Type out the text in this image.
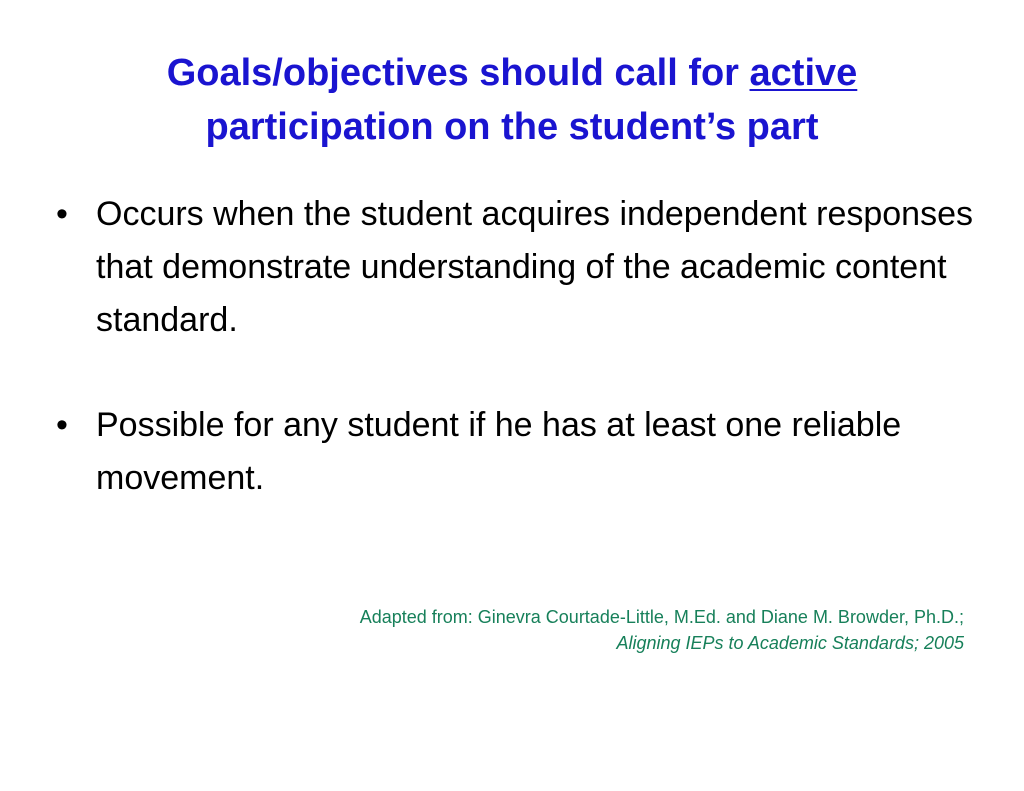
Goals/objectives should call for active
participation on the student’s part
• Occurs when the student acquires independent responses that demonstrate understanding of the academic content standard.
• Possible for any student if he has at least one reliable movement.
Adapted from: Ginevra Courtade-Little, M.Ed. and Diane M. Browder, Ph.D.;
Aligning IEPs to Academic Standards; 2005
